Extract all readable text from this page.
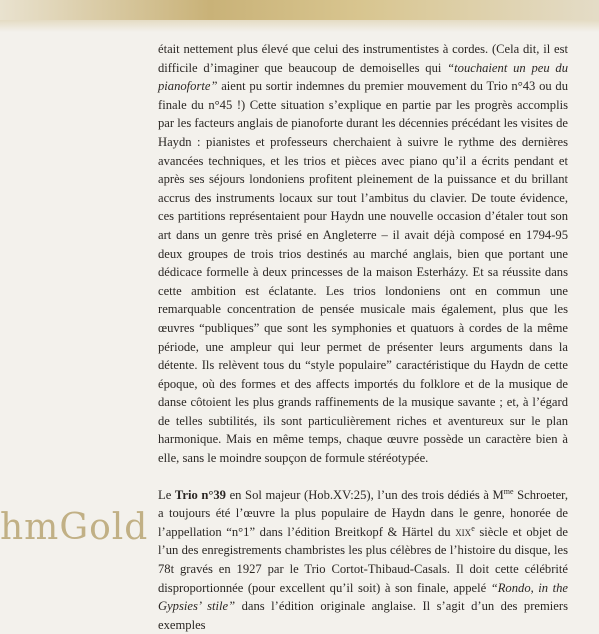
était nettement plus élevé que celui des instrumentistes à cordes. (Cela dit, il est difficile d’imaginer que beaucoup de demoiselles qui “touchaient un peu du pianoforte” aient pu sortir indemnes du premier mouvement du Trio n°43 ou du finale du n°45 !) Cette situation s’explique en partie par les progrès accomplis par les facteurs anglais de pianoforte durant les décennies précédant les visites de Haydn : pianistes et professeurs cherchaient à suivre le rythme des dernières avancées techniques, et les trios et pièces avec piano qu’il a écrits pendant et après ses séjours londoniens profitent pleinement de la puissance et du brillant accrus des instruments locaux sur tout l’ambitus du clavier. De toute évidence, ces partitions représentaient pour Haydn une nouvelle occasion d’étaler tout son art dans un genre très prisé en Angleterre – il avait déjà composé en 1794-95 deux groupes de trois trios destinés au marché anglais, bien que portant une dédicace formelle à deux princesses de la maison Esterházy. Et sa réussite dans cette ambition est éclatante. Les trios londoniens ont en commun une remarquable concentration de pensée musicale mais également, plus que les œuvres “publiques” que sont les symphonies et quatuors à cordes de la même période, une ampleur qui leur permet de présenter leurs arguments dans la détente. Ils relèvent tous du “style populaire” caractéristique du Haydn de cette époque, où des formes et des affects importés du folklore et de la musique de danse côtoient les plus grands raffinements de la musique savante ; et, à l’égard de telles subtilités, ils sont particulièrement riches et aventureux sur le plan harmonique. Mais en même temps, chaque œuvre possède un caractère bien à elle, sans le moindre soupçon de formule stéréotypée.

Le Trio n°39 en Sol majeur (Hob.XV:25), l’un des trois dédiés à $M^{me}$ Schroeter, a toujours été l’œuvre la plus populaire de Haydn dans le genre, honorée de l’appellation “n°1” dans l’édition Breitkopf & Härtel du xix$^e$ siècle et objet de l’un des enregistrements chambristes les plus célèbres de l’histoire du disque, les 78t gravés en 1927 par le Trio Cortot-Thibaud-Casals. Il doit cette célébrité disproportionnée (pour excellent qu’il soit) à son finale, appelé “Rondo, in the Gypsies’ stile” dans l’édition originale anglaise. Il s’agit d’un des premiers exemples

hmGold
